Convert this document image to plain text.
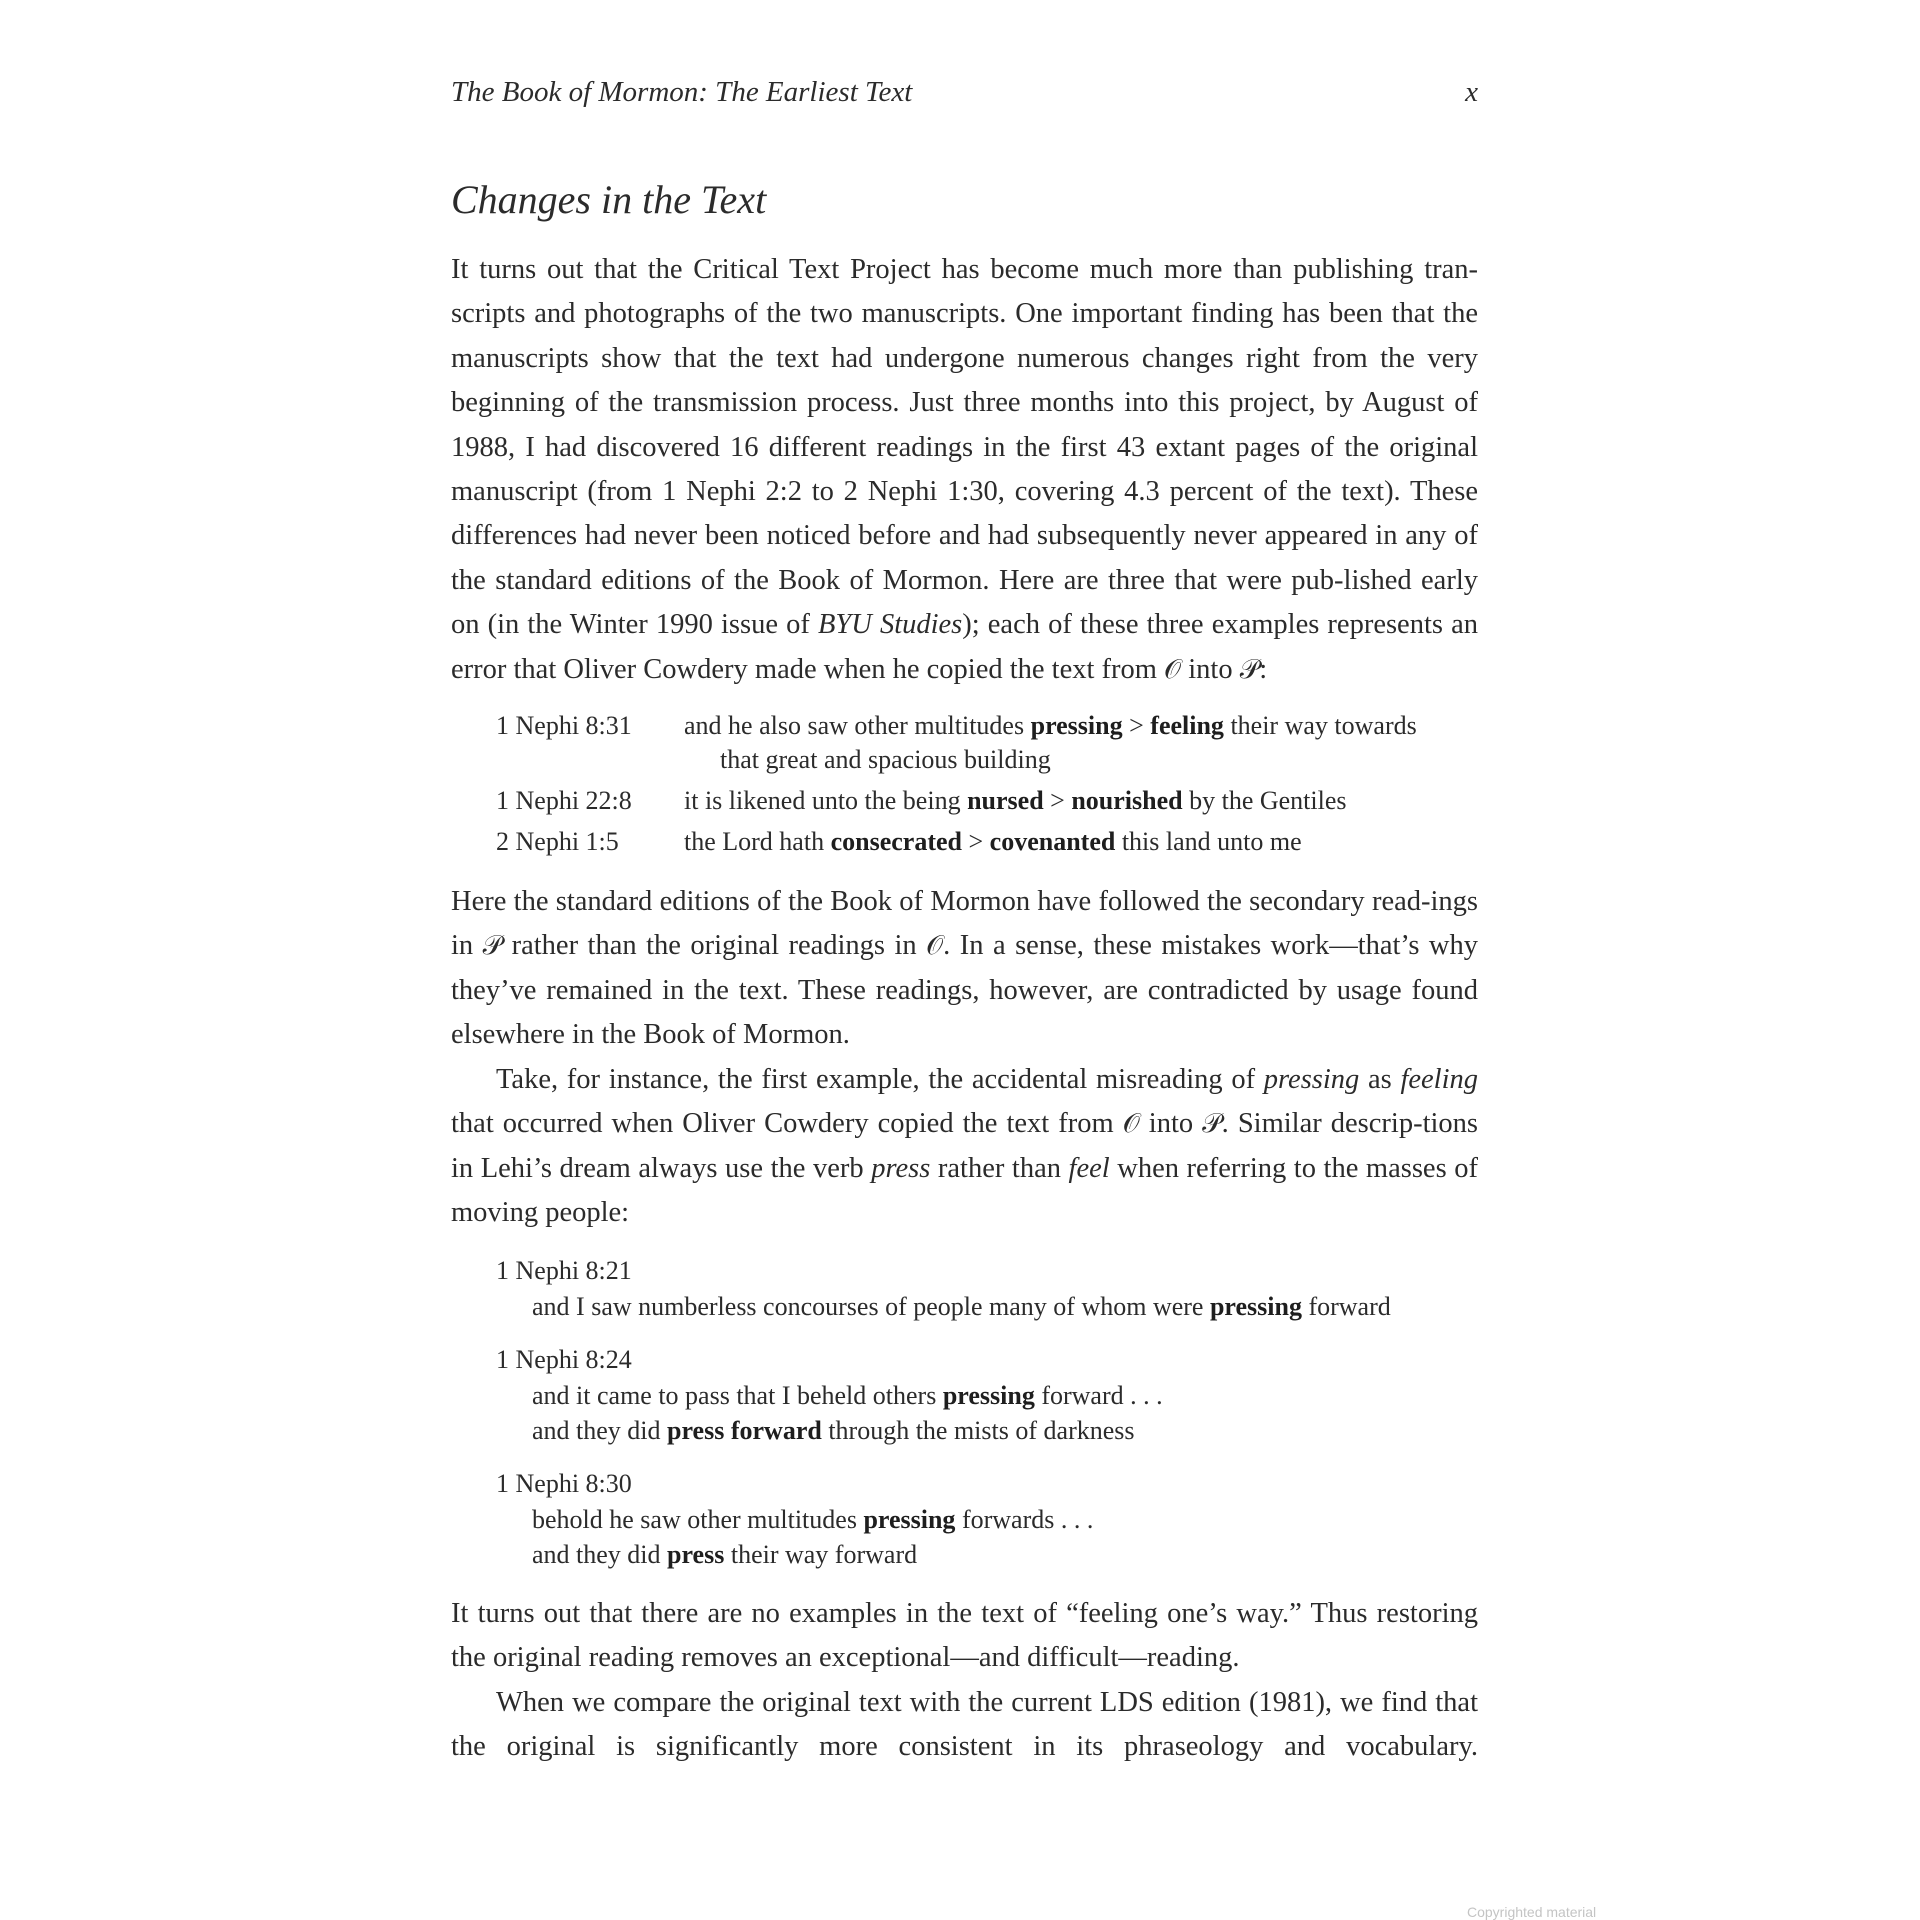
The Book of Mormon: The Earliest Text	x
Changes in the Text

It turns out that the Critical Text Project has become much more than publishing tran-scripts and photographs of the two manuscripts. One important finding has been that the manuscripts show that the text had undergone numerous changes right from the very beginning of the transmission process. Just three months into this project, by August of 1988, I had discovered 16 different readings in the first 43 extant pages of the original manuscript (from 1 Nephi 2:2 to 2 Nephi 1:30, covering 4.3 percent of the text). These differences had never been noticed before and had subsequently never appeared in any of the standard editions of the Book of Mormon. Here are three that were pub-lished early on (in the Winter 1990 issue of BYU Studies); each of these three examples represents an error that Oliver Cowdery made when he copied the text from 𝒪 into 𝒫:

1 Nephi 8:31	and he also saw other multitudes pressing > feeling their way towards
that great and spacious building
1 Nephi 22:8	it is likened unto the being nursed > nourished by the Gentiles
2 Nephi 1:5	the Lord hath consecrated > covenanted this land unto me

Here the standard editions of the Book of Mormon have followed the secondary read-ings in 𝒫 rather than the original readings in 𝒪. In a sense, these mistakes work—that’s why they’ve remained in the text. These readings, however, are contradicted by usage found elsewhere in the Book of Mormon.

Take, for instance, the first example, the accidental misreading of pressing as feeling that occurred when Oliver Cowdery copied the text from 𝒪 into 𝒫. Similar descrip-tions in Lehi’s dream always use the verb press rather than feel when referring to the masses of moving people:

1 Nephi 8:21
and I saw numberless concourses of people many of whom were pressing forward
1 Nephi 8:24
and it came to pass that I beheld others pressing forward . . .
and they did press forward through the mists of darkness
1 Nephi 8:30
behold he saw other multitudes pressing forwards . . .
and they did press their way forward

It turns out that there are no examples in the text of “feeling one’s way.” Thus restoring the original reading removes an exceptional—and difficult—reading.

When we compare the original text with the current LDS edition (1981), we find that the original is significantly more consistent in its phraseology and vocabulary.

Copyrighted material
